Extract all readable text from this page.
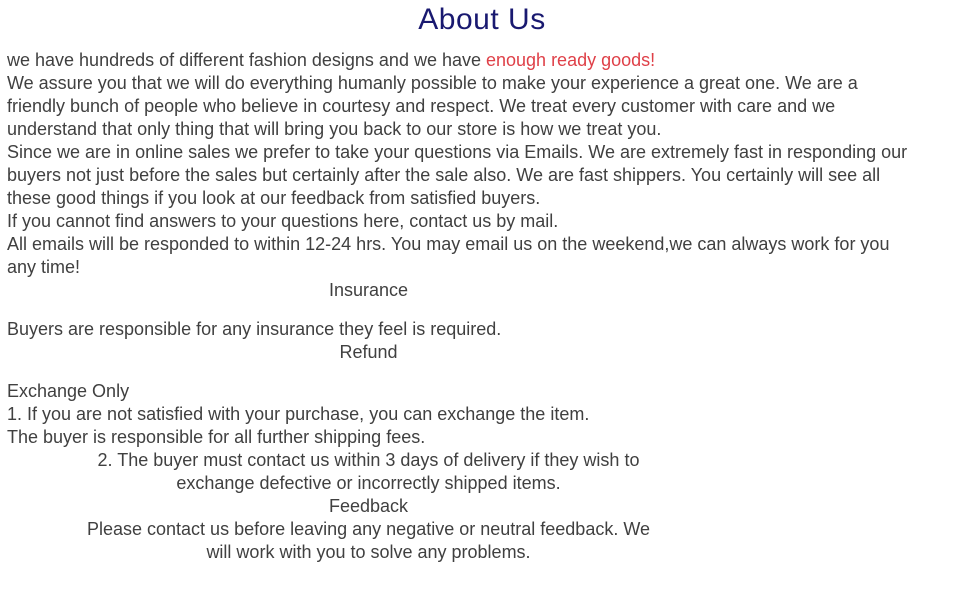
About Us
we have hundreds of different fashion designs and we have enough ready goods!
We assure you that we will do everything humanly possible to make your experience a great one. We are a
friendly bunch of people who believe in courtesy and respect. We treat every customer with care and we
understand that only thing that will bring you back to our store is how we treat you.
Since we are in online sales we prefer to take your questions via Emails. We are extremely fast in responding our
buyers not just before the sales but certainly after the sale also. We are fast shippers. You certainly will see all
these good things if you look at our feedback from satisfied buyers.
If you cannot find answers to your questions here, contact us by mail.
All emails will be responded to within 12-24 hrs. You may email us on the weekend,we can always work for you
any time!
Insurance
Buyers are responsible for any insurance they feel is required.
Refund
Exchange Only
1. If you are not satisfied with your purchase, you can exchange the item.
The buyer is responsible for all further shipping fees.
2. The buyer must contact us within 3 days of delivery if they wish to
exchange defective or incorrectly shipped items.
Feedback
Please contact us before leaving any negative or neutral feedback. We
will work with you to solve any problems.
